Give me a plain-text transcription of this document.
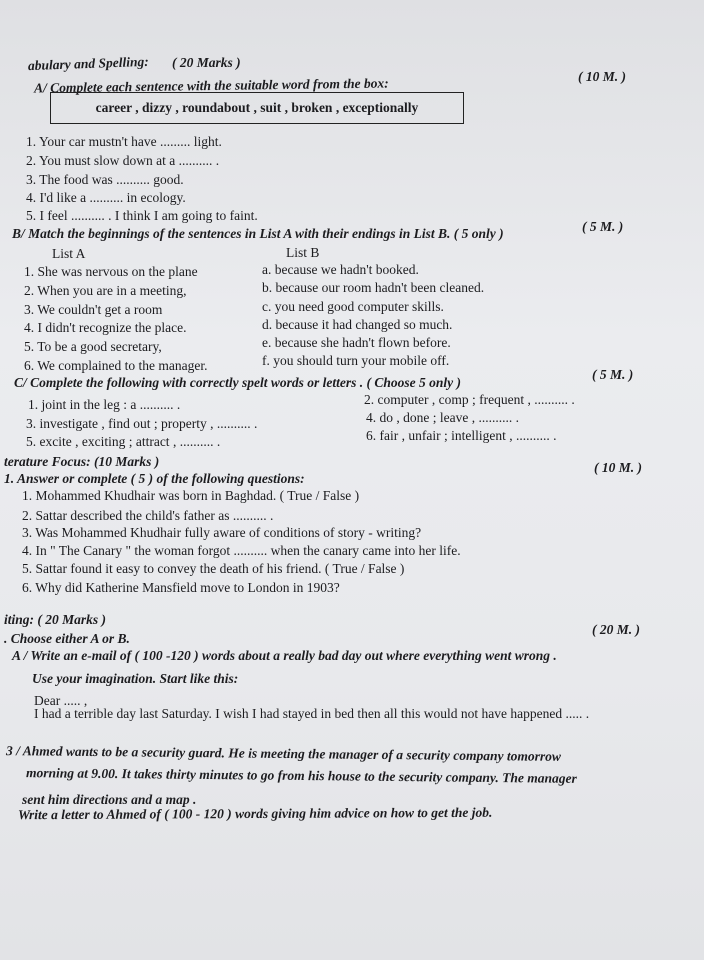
abulary and Spelling: ( 20 Marks )
A/ Complete each sentence with the suitable word from the box:	( 10 M. )
career , dizzy , roundabout , suit , broken , exceptionally
1. Your car mustn't have ......... light.
2. You must slow down at a .......... .
3. The food was .......... good.
4. I'd like a .......... in ecology.
5. I feel .......... . I think I am going to faint.
B/ Match the beginnings of the sentences in List A with their endings in List B. ( 5 only )	( 5 M. )
List A	List B
1. She was nervous on the plane
2. When you are in a meeting,
3. We couldn't get a room
4. I didn't recognize the place.
5. To be a good secretary,
6. We complained to the manager.
a. because we hadn't booked.
b. because our room hadn't been cleaned.
c. you need good computer skills.
d. because it had changed so much.
e. because she hadn't flown before.
f. you should turn your mobile off.
C/ Complete the following with correctly spelt words or letters . ( Choose 5 only )
( 5 M. )
1. joint in the leg : a .......... .
3. investigate , find out ; property , .......... .
5. excite , exciting ; attract , .......... .
2. computer , comp ; frequent , .......... .
4. do , done ; leave , .......... .
6. fair , unfair ; intelligent , .......... .
terature Focus: (10 Marks )
1. Answer or complete ( 5 ) of the following questions:
( 10 M. )
1. Mohammed Khudhair was born in Baghdad. ( True / False )
2. Sattar described the child's father as .......... .
3. Was Mohammed Khudhair fully aware of conditions of story - writing?
4. In " The Canary " the woman forgot .......... when the canary came into her life.
5. Sattar found it easy to convey the death of his friend. ( True / False )
6. Why did Katherine Mansfield move to London in 1903?
iting: ( 20 Marks )
. Choose either A or B.
( 20 M. )
A / Write an e-mail of ( 100 -120 ) words about a really bad day out where everything went wrong .
Use your imagination. Start like this:
Dear ..... ,
I had a terrible day last Saturday. I wish I had stayed in bed then all this would not have happened ..... .
3 / Ahmed wants to be a security guard. He is meeting the manager of a security company tomorrow
morning at 9.00. It takes thirty minutes to go from his house to the security company. The manager
sent him directions and a map .
Write a letter to Ahmed of ( 100 - 120 ) words giving him advice on how to get the job.
